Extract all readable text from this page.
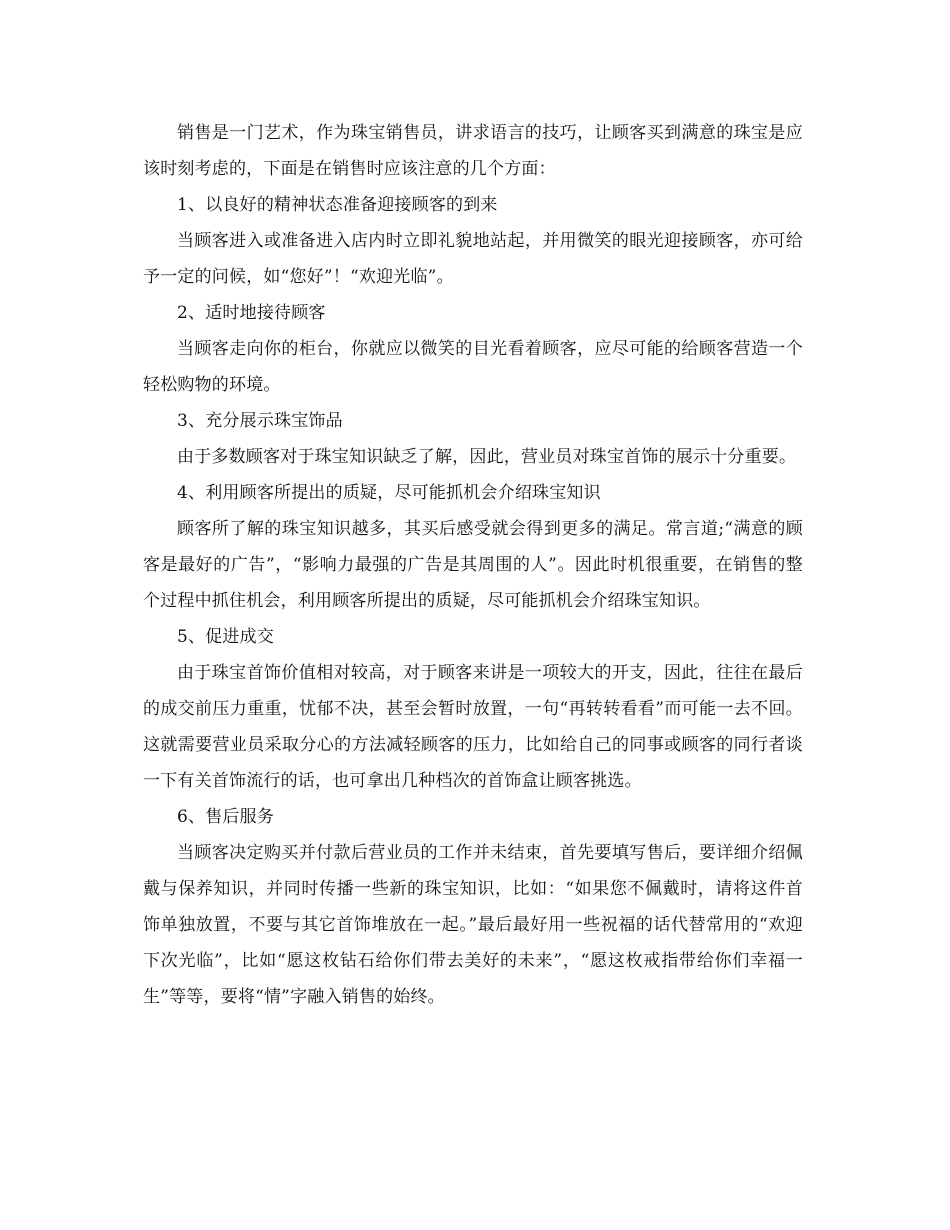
销售是一门艺术，作为珠宝销售员，讲求语言的技巧，让顾客买到满意的珠宝是应该时刻考虑的，下面是在销售时应该注意的几个方面：

1、以良好的精神状态准备迎接顾客的到来

当顾客进入或准备进入店内时立即礼貌地站起，并用微笑的眼光迎接顾客，亦可给予一定的问候，如“您好”！“欢迎光临”。

2、适时地接待顾客

当顾客走向你的柜台，你就应以微笑的目光看着顾客，应尽可能的给顾客营造一个轻松购物的环境。

3、充分展示珠宝饰品

由于多数顾客对于珠宝知识缺乏了解，因此，营业员对珠宝首饰的展示十分重要。

4、利用顾客所提出的质疑，尽可能抓机会介绍珠宝知识

顾客所了解的珠宝知识越多，其买后感受就会得到更多的满足。常言道;“满意的顾客是最好的广告”，“影响力最强的广告是其周围的人”。因此时机很重要，在销售的整个过程中抓住机会，利用顾客所提出的质疑，尽可能抓机会介绍珠宝知识。

5、促进成交

由于珠宝首饰价值相对较高，对于顾客来讲是一项较大的开支，因此，往往在最后的成交前压力重重，忧郁不决，甚至会暂时放置，一句“再转转看看”而可能一去不回。这就需要营业员采取分心的方法减轻顾客的压力，比如给自己的同事或顾客的同行者谈一下有关首饰流行的话，也可拿出几种档次的首饰盒让顾客挑选。

6、售后服务

当顾客决定购买并付款后营业员的工作并未结束，首先要填写售后，要详细介绍佩戴与保养知识，并同时传播一些新的珠宝知识，比如：“如果您不佩戴时，请将这件首饰单独放置，不要与其它首饰堆放在一起。”最后最好用一些祝福的话代替常用的“欢迎下次光临”，比如“愿这枚钻石给你们带去美好的未来”，“愿这枚戒指带给你们幸福一生”等等，要将“情”字融入销售的始终。
